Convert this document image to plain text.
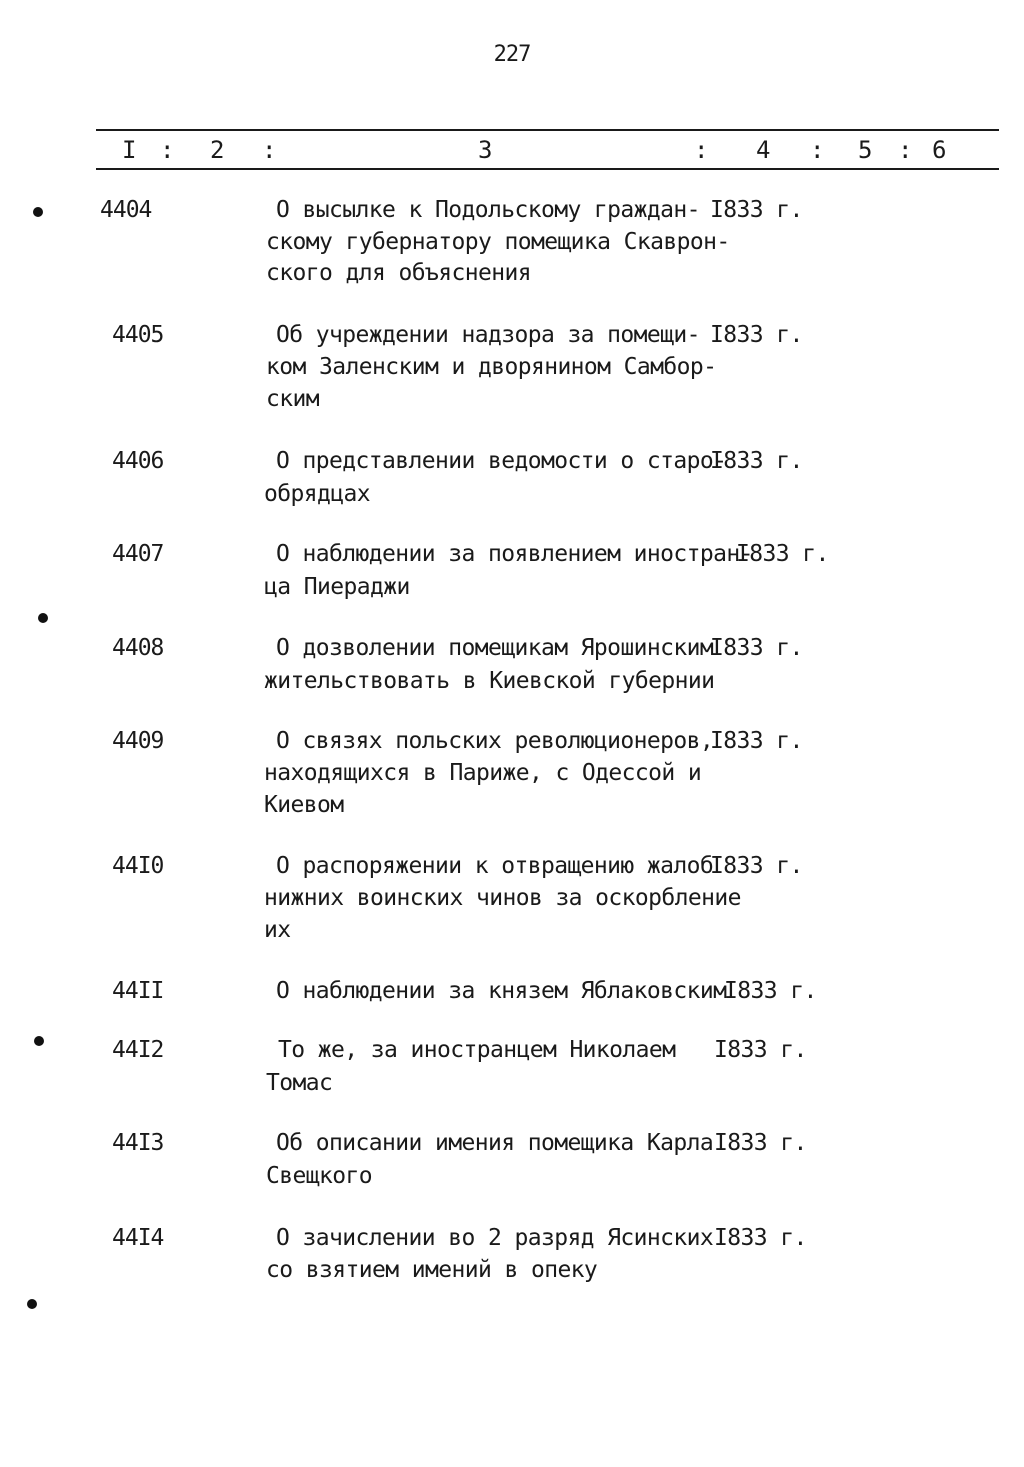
227
I : 2 :	3	: 4 : 5 : 6
4404	О высылке к Подольскому граждан-
скому губернатору помещика Скаврон-
ского для объяснения
I833 г.
4405	Об учреждении надзора за помещи-
ком Заленским и дворянином Самбор-
ским
I833 г.
4406	О представлении ведомости о старо-
обрядцах
I833 г.
4407	О наблюдении за появлением иностран-
ца Пиераджи
I833 г.
4408	О дозволении помещикам Ярошинским
жительствовать в Киевской губернии
I833 г.
4409	О связях польских революционеров,
находящихся в Париже, с Одессой и
Киевом
I833 г.
44I0	О распоряжении к отвращению жалоб
нижних воинских чинов за оскорбление
их
I833 г.
44II	О наблюдении за князем Яблаковским
I833 г.
44I2	То же, за иностранцем Николаем
Томас
I833 г.
44I3	Об описании имения помещика Карла
Свещкого
I833 г.
44I4	О зачислении во 2 разряд Ясинских
со взятием имений в опеку
I833 г.
